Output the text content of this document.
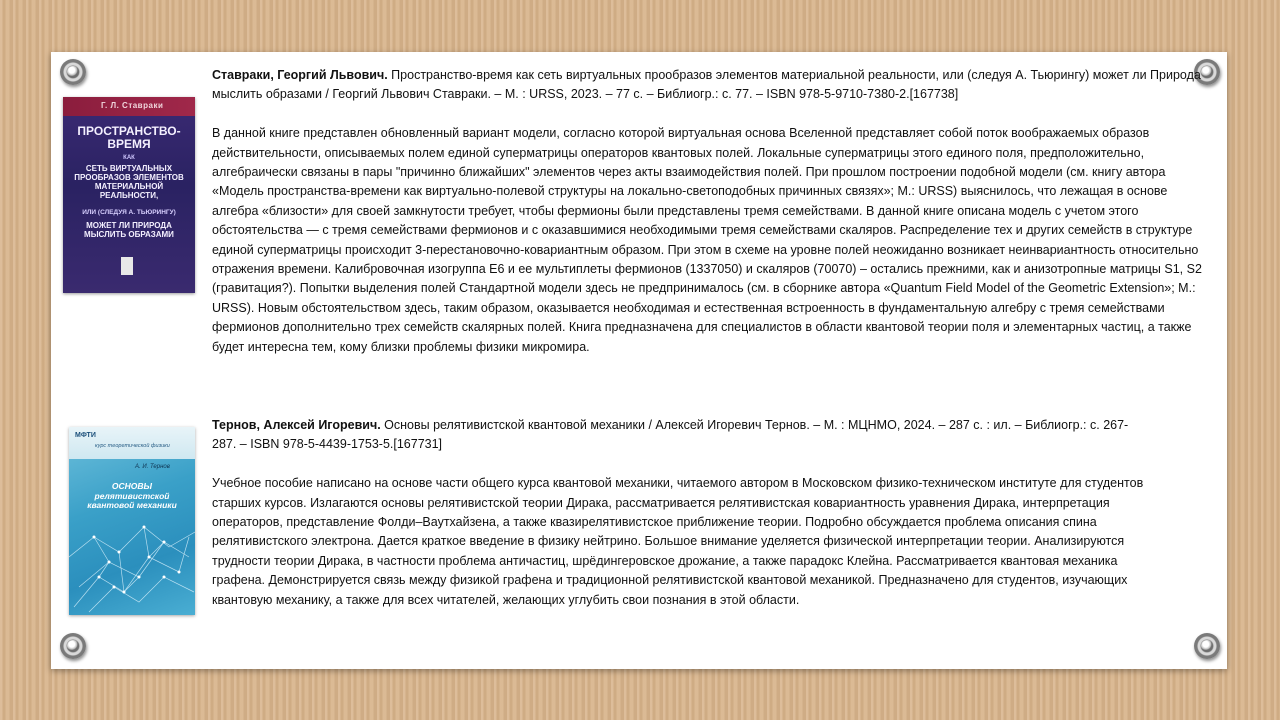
Г. Л. Ставраки
ПРОСТРАНСТВО-ВРЕМЯ
КАК
СЕТЬ ВИРТУАЛЬНЫХ ПРООБРАЗОВ ЭЛЕМЕНТОВ МАТЕРИАЛЬНОЙ РЕАЛЬНОСТИ,
ИЛИ (СЛЕДУЯ А. ТЬЮРИНГУ)
МОЖЕТ ЛИ ПРИРОДА МЫСЛИТЬ ОБРАЗАМИ

Ставраки, Георгий Львович. Пространство-время как сеть виртуальных прообразов элементов материальной реальности, или (следуя А. Тьюрингу) может ли Природа мыслить образами / Георгий Львович Ставраки. – М. : URSS, 2023. – 77 с. – Библиогр.: с. 77. – ISBN 978-5-9710-7380-2.[167738]

В данной книге представлен обновленный вариант модели, согласно которой виртуальная основа Вселенной представляет собой поток воображаемых образов действительности, описываемых полем единой суперматрицы операторов квантовых полей. Локальные суперматрицы этого единого поля, предположительно, алгебраически связаны в пары "причинно ближайших" элементов через акты взаимодействия полей. При прошлом построении подобной модели (см. книгу автора «Модель пространства-времени как виртуально-полевой структуры на локально-светоподобных причинных связях»; М.: URSS) выяснилось, что лежащая в основе алгебра «близости» для своей замкнутости требует, чтобы фермионы были представлены тремя семействами. В данной книге описана модель с учетом этого обстоятельства — с тремя семействами фермионов и с оказавшимися необходимыми тремя семействами скаляров. Распределение тех и других семейств в структуре единой суперматрицы происходит 3-перестановочно-ковариантным образом. При этом в схеме на уровне полей неожиданно возникает неинвариантность относительно отражения времени. Калибровочная изогруппа E6 и ее мультиплеты фермионов (1337050) и скаляров (70070) – остались прежними, как и анизотропные матрицы S1, S2 (гравитация?). Попытки выделения полей Стандартной модели здесь не предпринималось (см. в сборнике автора «Quantum Field Model of the Geometric Extension»; М.: URSS). Новым обстоятельством здесь, таким образом, оказывается необходимая и естественная встроенность в фундаментальную алгебру с тремя семействами фермионов дополнительно трех семейств скалярных полей. Книга предназначена для специалистов в области квантовой теории поля и элементарных частиц, а также будет интересна тем, кому близки проблемы физики микромира.

МФТИ
курс теоретической физики
А. И. Тернов
ОСНОВЫ релятивистской квантовой механики

Тернов, Алексей Игоревич. Основы релятивистской квантовой механики / Алексей Игоревич Тернов. – М. : МЦНМО, 2024. – 287 с. : ил. – Библиогр.: с. 267-287. – ISBN 978-5-4439-1753-5.[167731]

Учебное пособие написано на основе части общего курса квантовой механики, читаемого автором в Московском физико-техническом институте для студентов старших курсов. Излагаются основы релятивистской теории Дирака, рассматривается релятивистская ковариантность уравнения Дирака, интерпретация операторов, представление Фолди–Ваутхайзена, а также квазирелятивистское приближение теории. Подробно обсуждается проблема описания спина релятивистского электрона. Дается краткое введение в физику нейтрино. Большое внимание уделяется физической интерпретации теории. Анализируются трудности теории Дирака, в частности проблема античастиц, шрёдингеровское дрожание, а также парадокс Клейна. Рассматривается квантовая механика графена. Демонстрируется связь между физикой графена и традиционной релятивистской квантовой механикой. Предназначено для студентов, изучающих квантовую механику, а также для всех читателей, желающих углубить свои познания в этой области.
